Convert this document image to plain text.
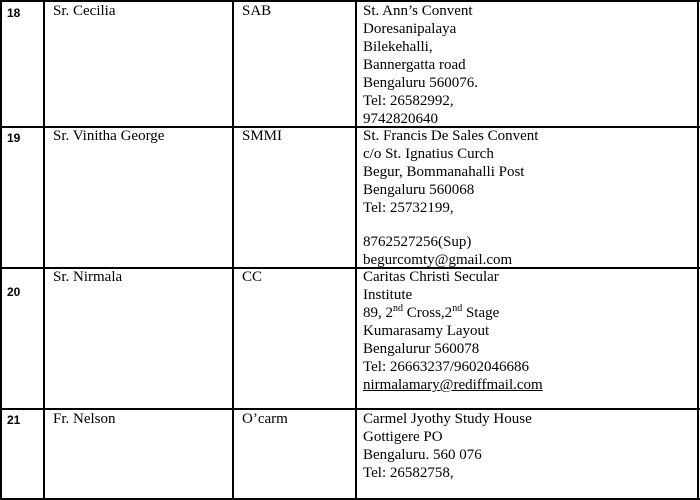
18 Sr. Cecilia	SAB	St. Ann’s Convent
Doresanipalaya
Bilekehalli,
Bannergatta road
Bengaluru 560076.
Tel: 26582992,
9742820640
19 Sr. Vinitha George	SMMI	St. Francis De Sales Convent
c/o St. Ignatius Curch
Begur, Bommanahalli Post
Bengaluru 560068
Tel: 25732199,
8762527256(Sup)
begurcomty@gmail.com
20
Sr. Nirmala	CC	Caritas Christi Secular
Institute
89, 2nd Cross,2nd Stage
Kumarasamy Layout
Bengalurur 560078
Tel: 26663237/9602046686
nirmalamary@rediffmail.com
21 Fr. Nelson	O’carm	Carmel Jyothy Study House
Gottigere PO
Bengaluru. 560 076
Tel: 26582758,
